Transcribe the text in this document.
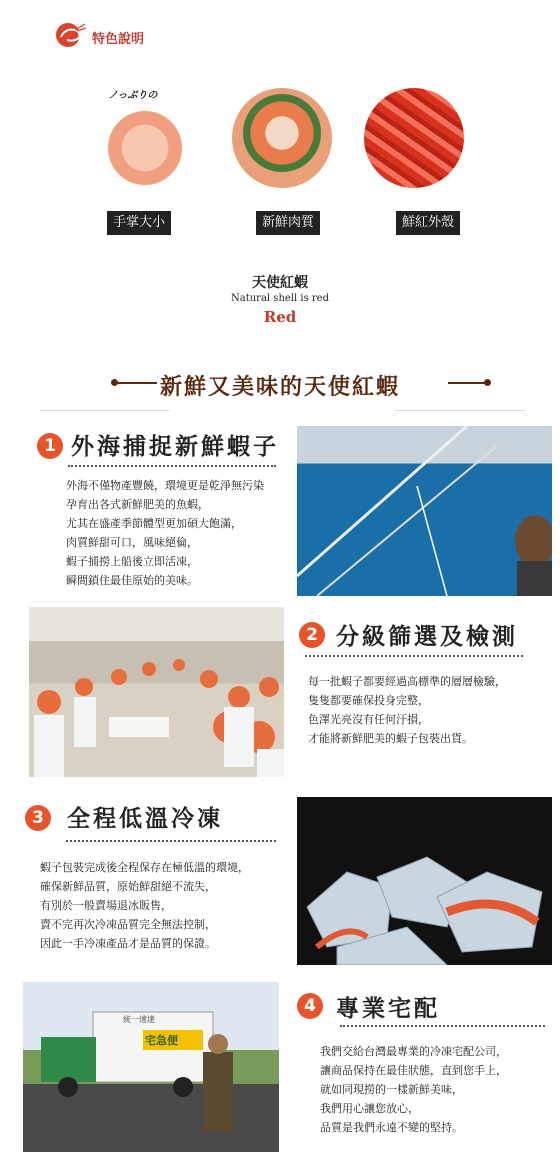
特色說明
ノっぷりの
手掌大小	新鮮肉質	鮮紅外殼
天使紅蝦
Natural shell is red
Red
新鮮又美味的天使紅蝦
1 外海捕捉新鮮蝦子
外海不僅物產豐饒，環境更是乾淨無污染
孕育出各式新鮮肥美的魚蝦，
尤其在盛產季節體型更加碩大飽滿，
肉質鮮甜可口，風味絕倫，
蝦子捕撈上船後立即活凍，
瞬間鎖住最佳原始的美味。
2 分級篩選及檢測
每一批蝦子都要經過高標準的層層檢驗，
隻隻都要確保投身完整，
色澤光亮沒有任何汙損，
才能將新鮮肥美的蝦子包裝出貨。
3	全程低溫冷凍
蝦子包裝完成後全程保存在極低溫的環境，
確保新鮮品質，原始鮮甜絕不流失，
有別於一般賣場退冰販售，
賣不完再次冷凍品質完全無法控制，
因此一手冷凍產品才是品質的保證。
宅急便
統一速達
4 專業宅配
我們交給台灣最專業的冷凍宅配公司，
讓商品保持在最佳狀態，直到您手上，
就如同現撈的一樣新鮮美味，
我們用心讓您放心，
品質是我們永遠不變的堅持。
